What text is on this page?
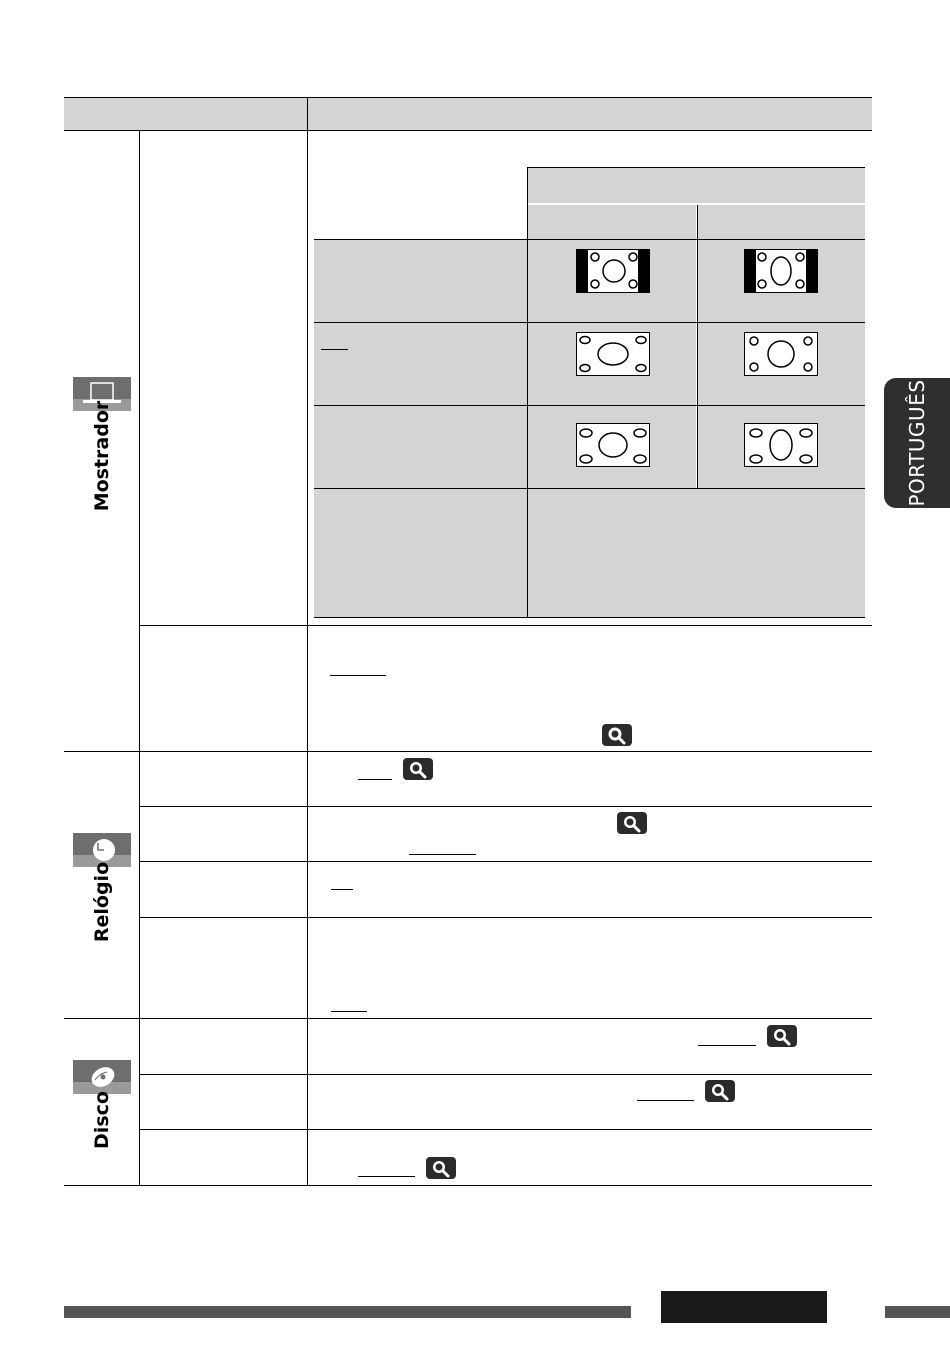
Mostrador
Relógio
Disco
PORTUGUÊS
